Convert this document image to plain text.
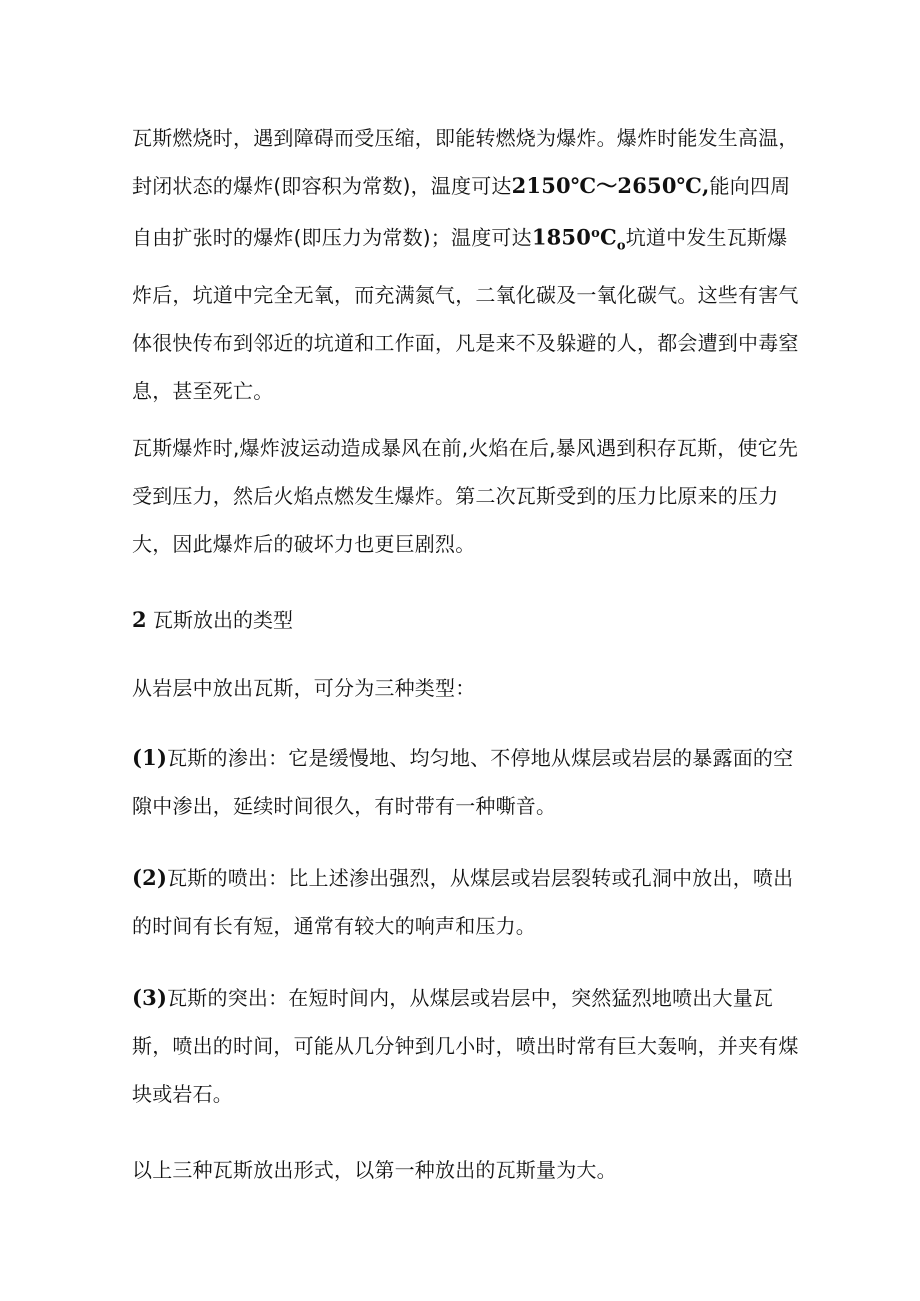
瓦斯燃烧时，遇到障碍而受压缩，即能转燃烧为爆炸。爆炸时能发生高温，封闭状态的爆炸(即容积为常数)，温度可达2150℃～2650℃,能向四周自由扩张时的爆炸(即压力为常数)；温度可达$1850^oC_o$坑道中发生瓦斯爆炸后，坑道中完全无氧，而充满氮气，二氧化碳及一氧化碳气。这些有害气体很快传布到邻近的坑道和工作面，凡是来不及躲避的人，都会遭到中毒窒息，甚至死亡。

瓦斯爆炸时,爆炸波运动造成暴风在前,火焰在后,暴风遇到积存瓦斯，使它先受到压力，然后火焰点燃发生爆炸。第二次瓦斯受到的压力比原来的压力大，因此爆炸后的破坏力也更巨剧烈。

2 瓦斯放出的类型

从岩层中放出瓦斯，可分为三种类型：

(1)瓦斯的渗出：它是缓慢地、均匀地、不停地从煤层或岩层的暴露面的空隙中渗出，延续时间很久，有时带有一种嘶音。

(2)瓦斯的喷出：比上述渗出强烈，从煤层或岩层裂转或孔洞中放出，喷出的时间有长有短，通常有较大的响声和压力。

(3)瓦斯的突出：在短时间内，从煤层或岩层中，突然猛烈地喷出大量瓦斯，喷出的时间，可能从几分钟到几小时，喷出时常有巨大轰响，并夹有煤块或岩石。

以上三种瓦斯放出形式，以第一种放出的瓦斯量为大。
